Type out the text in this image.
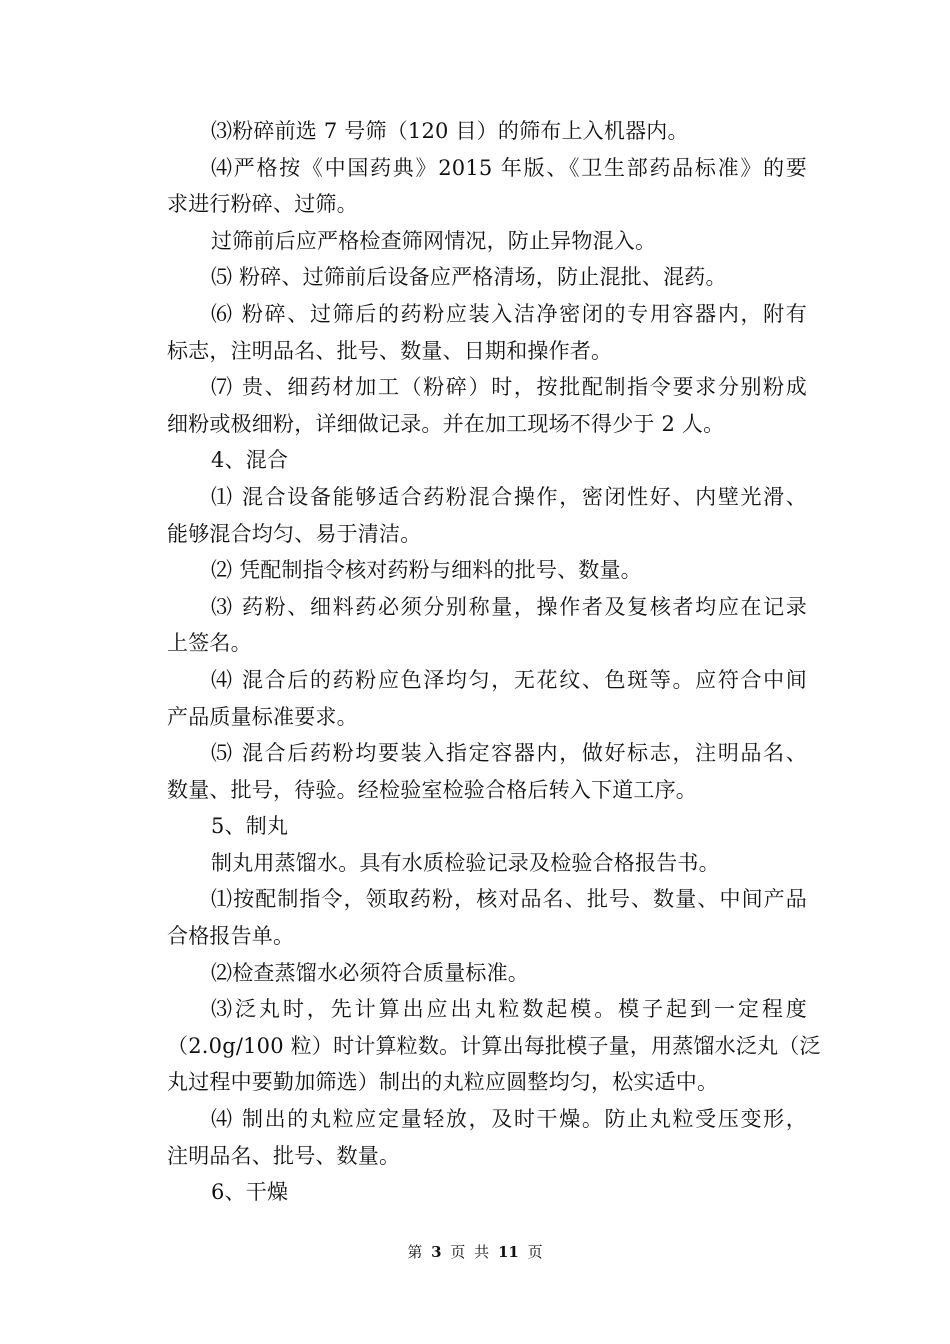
⑶粉碎前选 7 号筛（120 目）的筛布上入机器内。
⑷严格按《中国药典》2015 年版、《卫生部药品标准》的要
求进行粉碎、过筛。
过筛前后应严格检查筛网情况，防止异物混入。
⑸ 粉碎、过筛前后设备应严格清场，防止混批、混药。
⑹ 粉碎、过筛后的药粉应装入洁净密闭的专用容器内，附有
标志，注明品名、批号、数量、日期和操作者。
⑺ 贵、细药材加工（粉碎）时，按批配制指令要求分别粉成
细粉或极细粉，详细做记录。并在加工现场不得少于 2 人。
4、混合
⑴ 混合设备能够适合药粉混合操作，密闭性好、内壁光滑、
能够混合均匀、易于清洁。
⑵ 凭配制指令核对药粉与细料的批号、数量。
⑶ 药粉、细料药必须分别称量，操作者及复核者均应在记录
上签名。
⑷ 混合后的药粉应色泽均匀，无花纹、色斑等。应符合中间
产品质量标准要求。
⑸ 混合后药粉均要装入指定容器内，做好标志，注明品名、
数量、批号，待验。经检验室检验合格后转入下道工序。
5、制丸
制丸用蒸馏水。具有水质检验记录及检验合格报告书。
⑴按配制指令，领取药粉，核对品名、批号、数量、中间产品
合格报告单。
⑵检查蒸馏水必须符合质量标准。
⑶泛丸时，先计算出应出丸粒数起模。模子起到一定程度
（2.0g/100 粒）时计算粒数。计算出每批模子量，用蒸馏水泛丸（泛
丸过程中要勤加筛选）制出的丸粒应圆整均匀，松实适中。
⑷ 制出的丸粒应定量轻放，及时干燥。防止丸粒受压变形，
注明品名、批号、数量。
6、干燥
第 3 页 共 11 页
